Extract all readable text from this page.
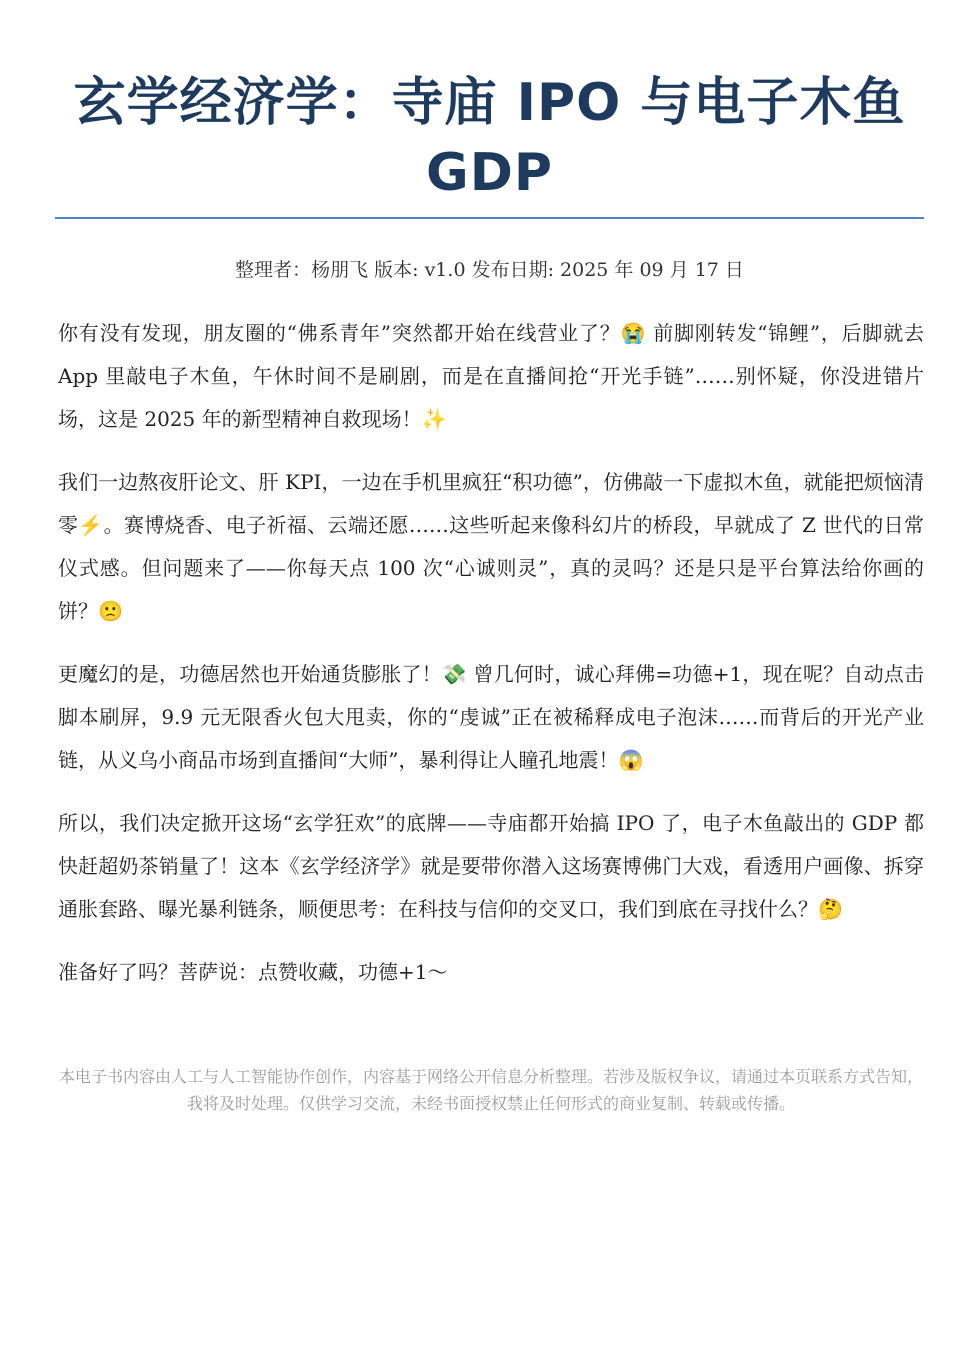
玄学经济学：寺庙 IPO 与电子木鱼 GDP
整理者：杨朋飞 版本: v1.0 发布日期: 2025 年 09 月 17 日

你有没有发现，朋友圈的“佛系青年”突然都开始在线营业了？😭 前脚刚转发“锦鲤”，后脚就去 App 里敲电子木鱼，午休时间不是刷剧，而是在直播间抢“开光手链”……别怀疑，你没进错片场，这是 2025 年的新型精神自救现场！✨

我们一边熬夜肝论文、肝 KPI，一边在手机里疯狂“积功德”，仿佛敲一下虚拟木鱼，就能把烦恼清零⚡。赛博烧香、电子祈福、云端还愿……这些听起来像科幻片的桥段，早就成了 Z 世代的日常仪式感。但问题来了——你每天点 100 次“心诚则灵”，真的灵吗？还是只是平台算法给你画的饼？🙁

更魔幻的是，功德居然也开始通货膨胀了！💸 曾几何时，诚心拜佛=功德+1，现在呢？自动点击脚本刷屏，9.9 元无限香火包大甩卖，你的“虔诚”正在被稀释成电子泡沫……而背后的开光产业链，从义乌小商品市场到直播间“大师”，暴利得让人瞳孔地震！😱

所以，我们决定掀开这场“玄学狂欢”的底牌——寺庙都开始搞 IPO 了，电子木鱼敲出的 GDP 都快赶超奶茶销量了！这本《玄学经济学》就是要带你潜入这场赛博佛门大戏，看透用户画像、拆穿通胀套路、曝光暴利链条，顺便思考：在科技与信仰的交叉口，我们到底在寻找什么？🤔

准备好了吗？菩萨说：点赞收藏，功德+1～

本电子书内容由人工与人工智能协作创作，内容基于网络公开信息分析整理。若涉及版权争议，请通过本页联系方式告知，我将及时处理。仅供学习交流，未经书面授权禁止任何形式的商业复制、转载或传播。
